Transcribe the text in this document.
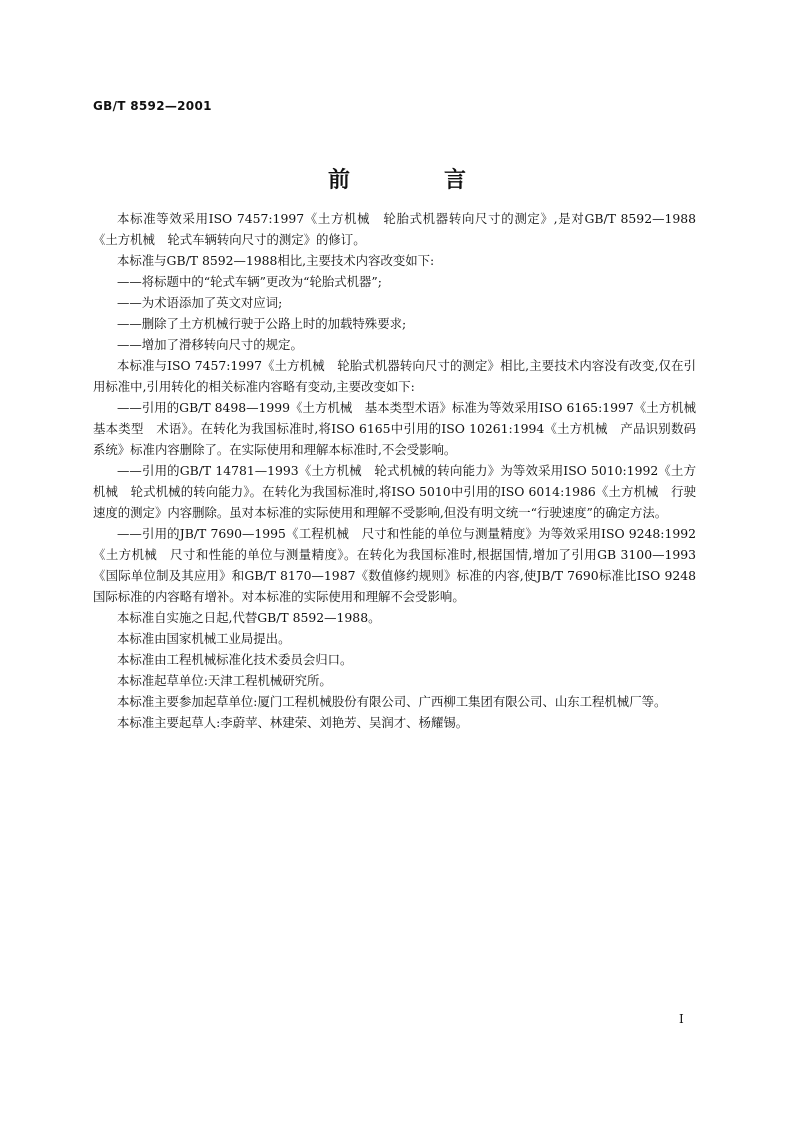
GB/T 8592—2001
前　言

本标准等效采用ISO 7457:1997《土方机械　轮胎式机器转向尺寸的测定》,是对GB/T 8592—1988《土方机械　轮式车辆转向尺寸的测定》的修订。

本标准与GB/T 8592—1988相比,主要技术内容改变如下:

——将标题中的“轮式车辆”更改为“轮胎式机器”;

——为术语添加了英文对应词;

——删除了土方机械行驶于公路上时的加载特殊要求;

——增加了滑移转向尺寸的规定。

本标准与ISO 7457:1997《土方机械　轮胎式机器转向尺寸的测定》相比,主要技术内容没有改变,仅在引用标准中,引用转化的相关标准内容略有变动,主要改变如下:

——引用的GB/T 8498—1999《土方机械　基本类型术语》标准为等效采用ISO 6165:1997《土方机械　基本类型　术语》。在转化为我国标准时,将ISO 6165中引用的ISO 10261:1994《土方机械　产品识别数码系统》标准内容删除了。在实际使用和理解本标准时,不会受影响。

——引用的GB/T 14781—1993《土方机械　轮式机械的转向能力》为等效采用ISO 5010:1992《土方机械　轮式机械的转向能力》。在转化为我国标准时,将ISO 5010中引用的ISO 6014:1986《土方机械　行驶速度的测定》内容删除。虽对本标准的实际使用和理解不受影响,但没有明文统一“行驶速度”的确定方法。

——引用的JB/T 7690—1995《工程机械　尺寸和性能的单位与测量精度》为等效采用ISO 9248:1992《土方机械　尺寸和性能的单位与测量精度》。在转化为我国标准时,根据国情,增加了引用GB 3100—1993《国际单位制及其应用》和GB/T 8170—1987《数值修约规则》标准的内容,使JB/T 7690标准比ISO 9248国际标准的内容略有增补。对本标准的实际使用和理解不会受影响。

本标准自实施之日起,代替GB/T 8592—1988。

本标准由国家机械工业局提出。

本标准由工程机械标准化技术委员会归口。

本标准起草单位:天津工程机械研究所。

本标准主要参加起草单位:厦门工程机械股份有限公司、广西柳工集团有限公司、山东工程机械厂等。

本标准主要起草人:李蔚苹、林建荣、刘艳芳、吴润才、杨耀锡。

I
